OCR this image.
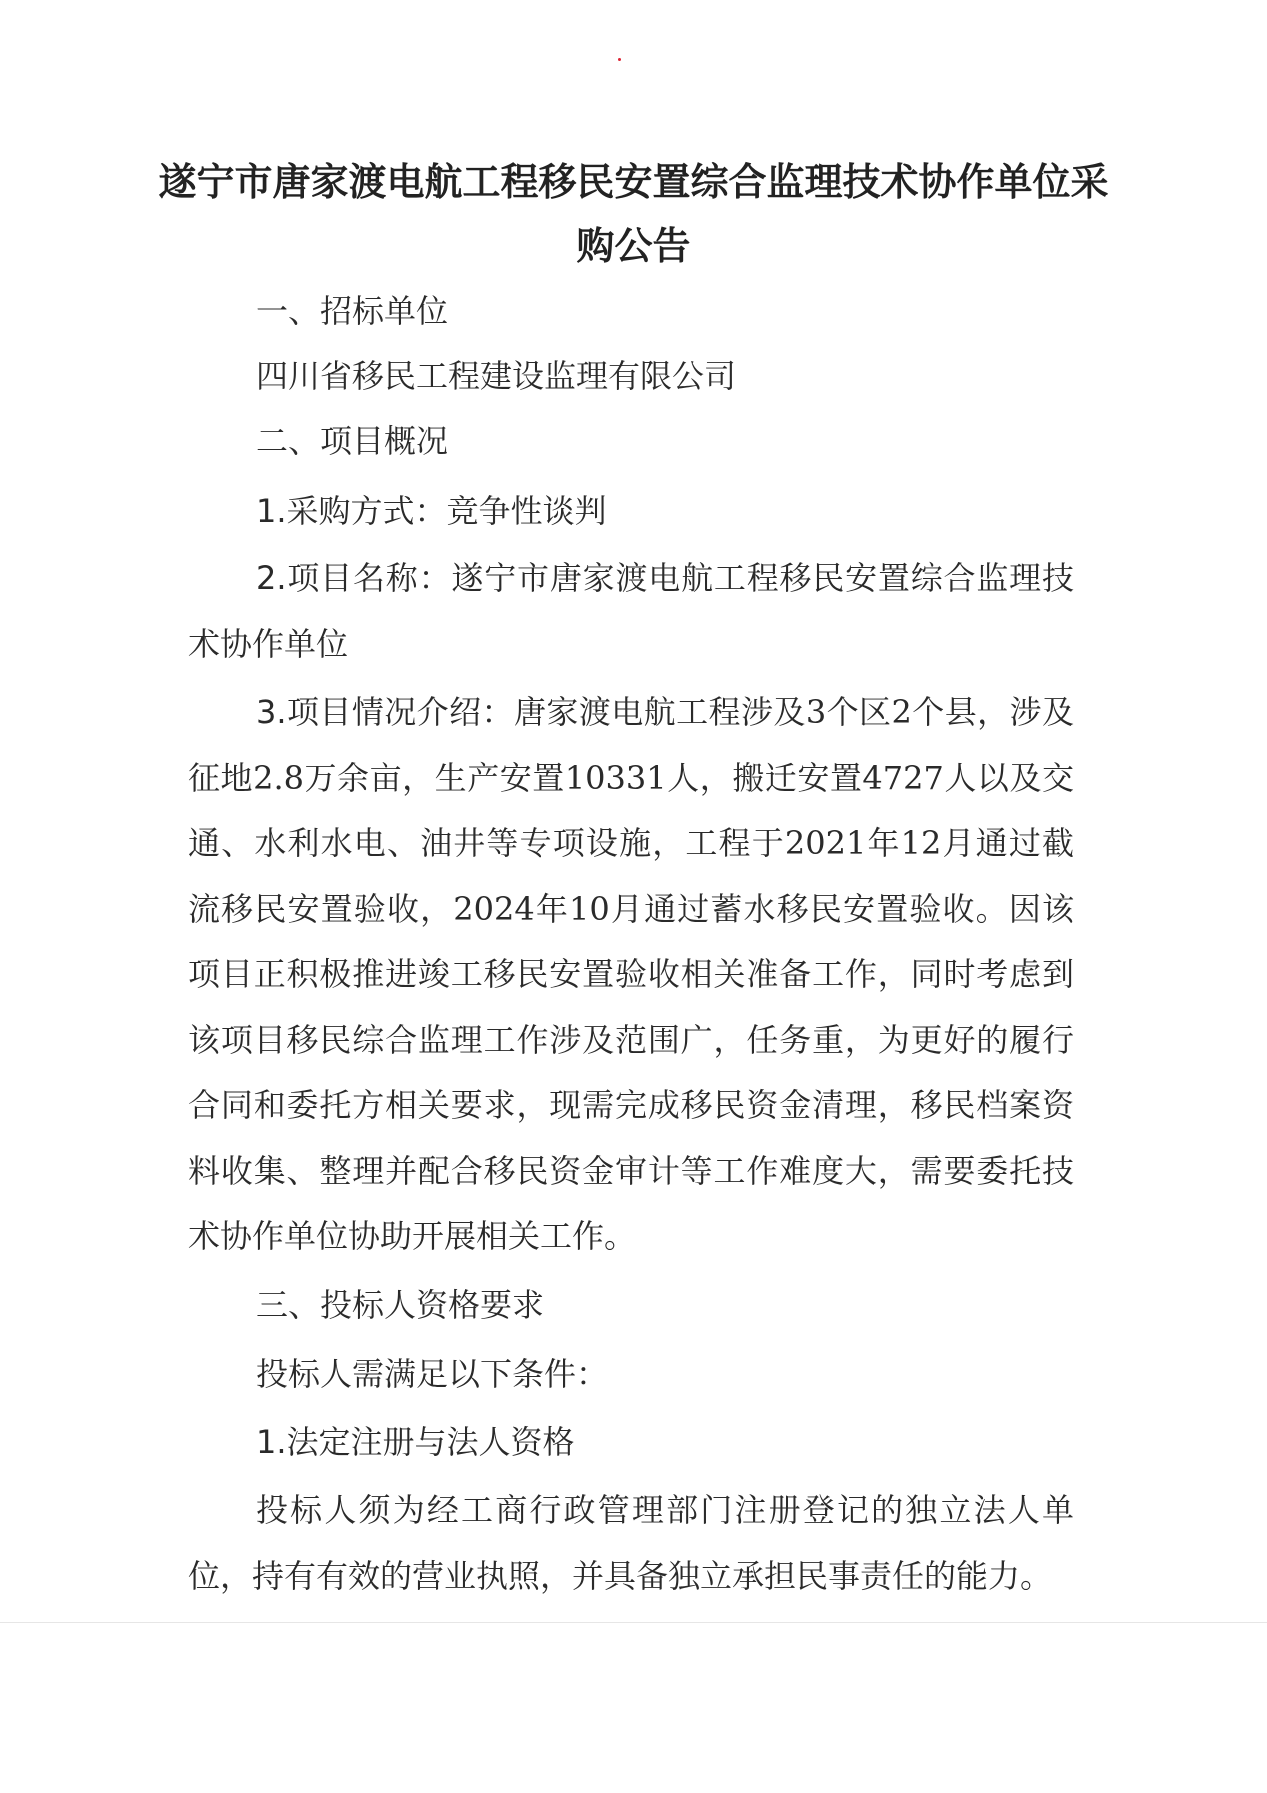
遂宁市唐家渡电航工程移民安置综合监理技术协作单位采购公告
一、招标单位
四川省移民工程建设监理有限公司
二、项目概况
1.采购方式：竞争性谈判
2.项目名称：遂宁市唐家渡电航工程移民安置综合监理技术协作单位
3.项目情况介绍：唐家渡电航工程涉及3个区2个县，涉及征地2.8万余亩，生产安置10331人，搬迁安置4727人以及交通、水利水电、油井等专项设施，工程于2021年12月通过截流移民安置验收，2024年10月通过蓄水移民安置验收。因该项目正积极推进竣工移民安置验收相关准备工作，同时考虑到该项目移民综合监理工作涉及范围广，任务重，为更好的履行合同和委托方相关要求，现需完成移民资金清理，移民档案资料收集、整理并配合移民资金审计等工作难度大，需要委托技术协作单位协助开展相关工作。
三、投标人资格要求
投标人需满足以下条件：
1.法定注册与法人资格
投标人须为经工商行政管理部门注册登记的独立法人单位，持有有效的营业执照，并具备独立承担民事责任的能力。
